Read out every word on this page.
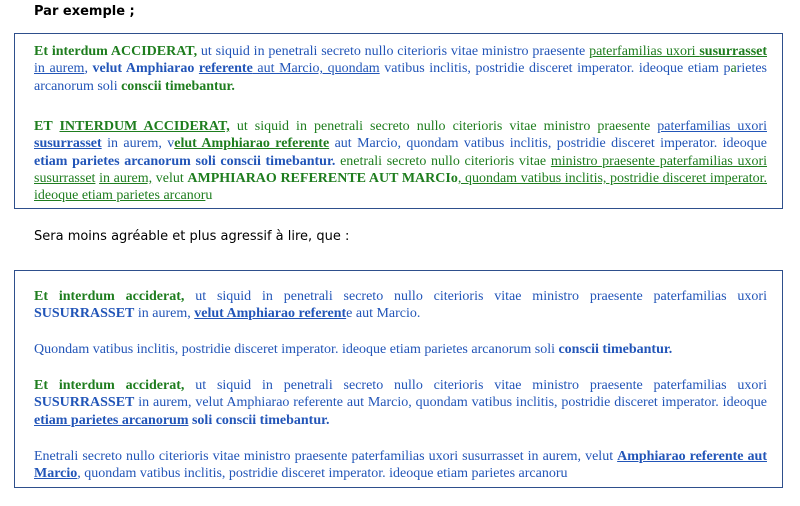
Par exemple ;

Et interdum ACCIDERAT, ut siquid in penetrali secreto nullo citerioris vitae ministro praesente paterfamilias uxori susurrasset in aurem, velut Amphiarao referente aut Marcio, quondam vatibus inclitis, postridie disceret imperator. ideoque etiam parietes arcanorum soli conscii timebantur.

ET INTERDUM ACCIDERAT, ut siquid in penetrali secreto nullo citerioris vitae ministro praesente paterfamilias uxori susurrasset in aurem, velut Amphiarao referente aut Marcio, quondam vatibus inclitis, postridie disceret imperator. ideoque etiam parietes arcanorum soli conscii timebantur. enetrali secreto nullo citerioris vitae ministro praesente paterfamilias uxori susurrasset in aurem, velut AMPHIARAO REFERENTE AUT MARCIo, quondam vatibus inclitis, postridie disceret imperator. ideoque etiam parietes arcanoru

Sera moins agréable et plus agressif à lire, que :

Et interdum acciderat, ut siquid in penetrali secreto nullo citerioris vitae ministro praesente paterfamilias uxori SUSURRASSET in aurem, velut Amphiarao referente aut Marcio.

Quondam vatibus inclitis, postridie disceret imperator. ideoque etiam parietes arcanorum soli conscii timebantur.

Et interdum acciderat, ut siquid in penetrali secreto nullo citerioris vitae ministro praesente paterfamilias uxori SUSURRASSET in aurem, velut Amphiarao referente aut Marcio, quondam vatibus inclitis, postridie disceret imperator. ideoque etiam parietes arcanorum soli conscii timebantur.

Enetrali secreto nullo citerioris vitae ministro praesente paterfamilias uxori susurrasset in aurem, velut Amphiarao referente aut Marcio, quondam vatibus inclitis, postridie disceret imperator. ideoque etiam parietes arcanoru
